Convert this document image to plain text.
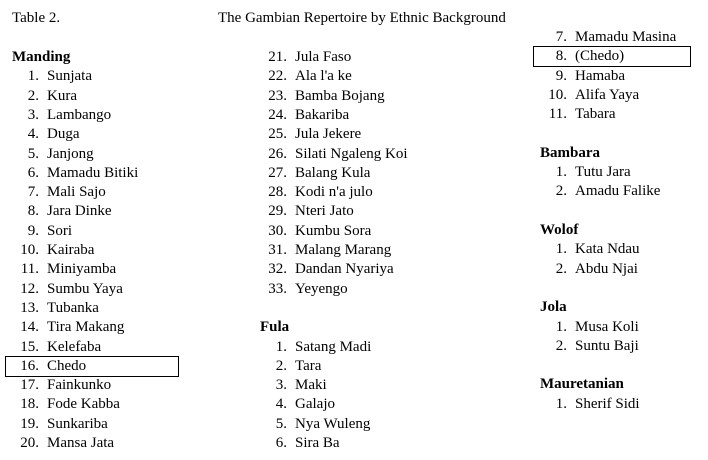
Table 2.	The Gambian Repertoire by Ethnic Background
Manding
1. Sunjata
2. Kura
3. Lambango
4. Duga
5. Janjong
6. Mamadu Bitiki
7. Mali Sajo
8. Jara Dinke
9. Sori
10. Kairaba
11. Miniyamba
12. Sumbu Yaya
13. Tubanka
14. Tira Makang
15. Kelefaba
16. Chedo
17. Fainkunko
18. Fode Kabba
19. Sunkariba
20. Mansa Jata
21. Jula Faso
22. Ala l'a ke
23. Bamba Bojang
24. Bakariba
25. Jula Jekere
26. Silati Ngaleng Koi
27. Balang Kula
28. Kodi n'a julo
29. Nteri Jato
30. Kumbu Sora
31. Malang Marang
32. Dandan Nyariya
33. Yeyengo
Fula
1. Satang Madi
2. Tara
3. Maki
4. Galajo
5. Nya Wuleng
6. Sira Ba
7. Mamadu Masina
8. (Chedo)
9. Hamaba
10. Alifa Yaya
11. Tabara
Bambara
1. Tutu Jara
2. Amadu Falike
Wolof
1. Kata Ndau
2. Abdu Njai
Jola
1. Musa Koli
2. Suntu Baji
Mauretanian
1. Sherif Sidi
